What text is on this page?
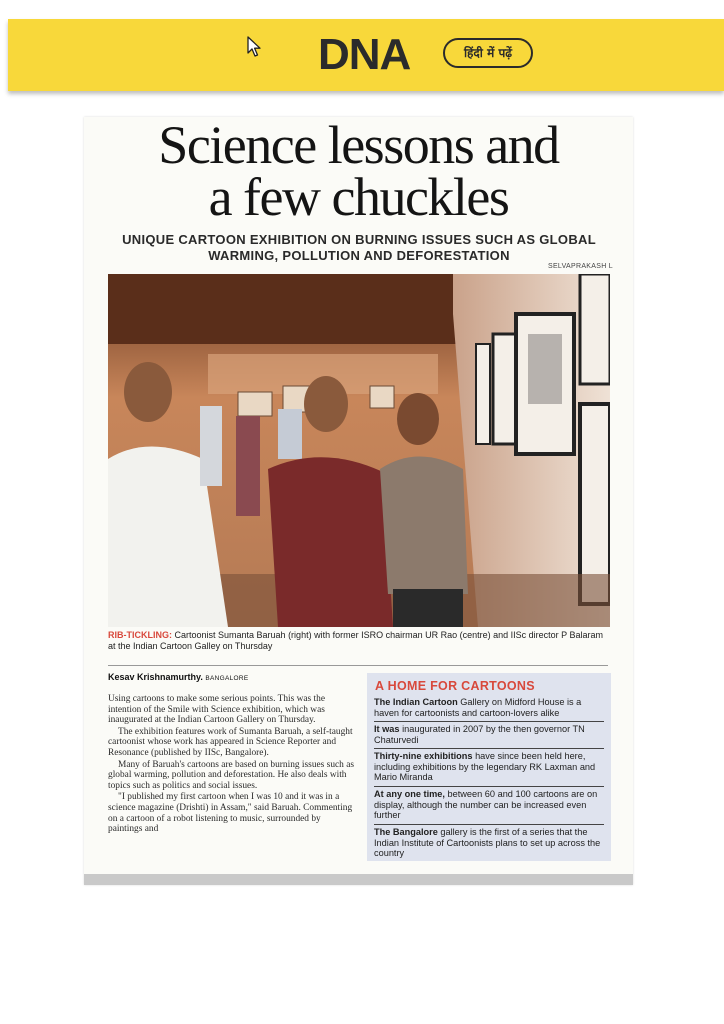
DNA	हिंदी में पढ़ें
Science lessons and
a few chuckles
UNIQUE CARTOON EXHIBITION ON BURNING ISSUES SUCH AS GLOBAL WARMING, POLLUTION AND DEFORESTATION
SELVAPRAKASH L
RIB-TICKLING: Cartoonist Sumanta Baruah (right) with former ISRO chairman UR Rao (centre) and IISc director P Balaram at the Indian Cartoon Galley on Thursday
Kesav Krishnamurthy. BANGALORE

Using cartoons to make some serious points. This was the intention of the Smile with Science exhibition, which was inaugurated at the Indian Cartoon Gallery on Thursday.

The exhibition features work of Sumanta Baruah, a self-taught cartoonist whose work has appeared in Science Reporter and Resonance (published by IISc, Bangalore).

Many of Baruah's cartoons are based on burning issues such as global warming, pollution and deforestation. He also deals with topics such as politics and social issues.

"I published my first cartoon when I was 10 and it was in a science magazine (Drishti) in Assam," said Baruah. Commenting on a cartoon of a robot listening to music, surrounded by paintings and

A HOME FOR CARTOONS
The Indian Cartoon Gallery on Midford House is a haven for cartoonists and cartoon-lovers alike
It was inaugurated in 2007 by the then governor TN Chaturvedi
Thirty-nine exhibitions have since been held here, including exhibitions by the legendary RK Laxman and Mario Miranda
At any one time, between 60 and 100 cartoons are on display, although the number can be increased even further
The Bangalore gallery is the first of a series that the Indian Institute of Cartoonists plans to set up across the country
